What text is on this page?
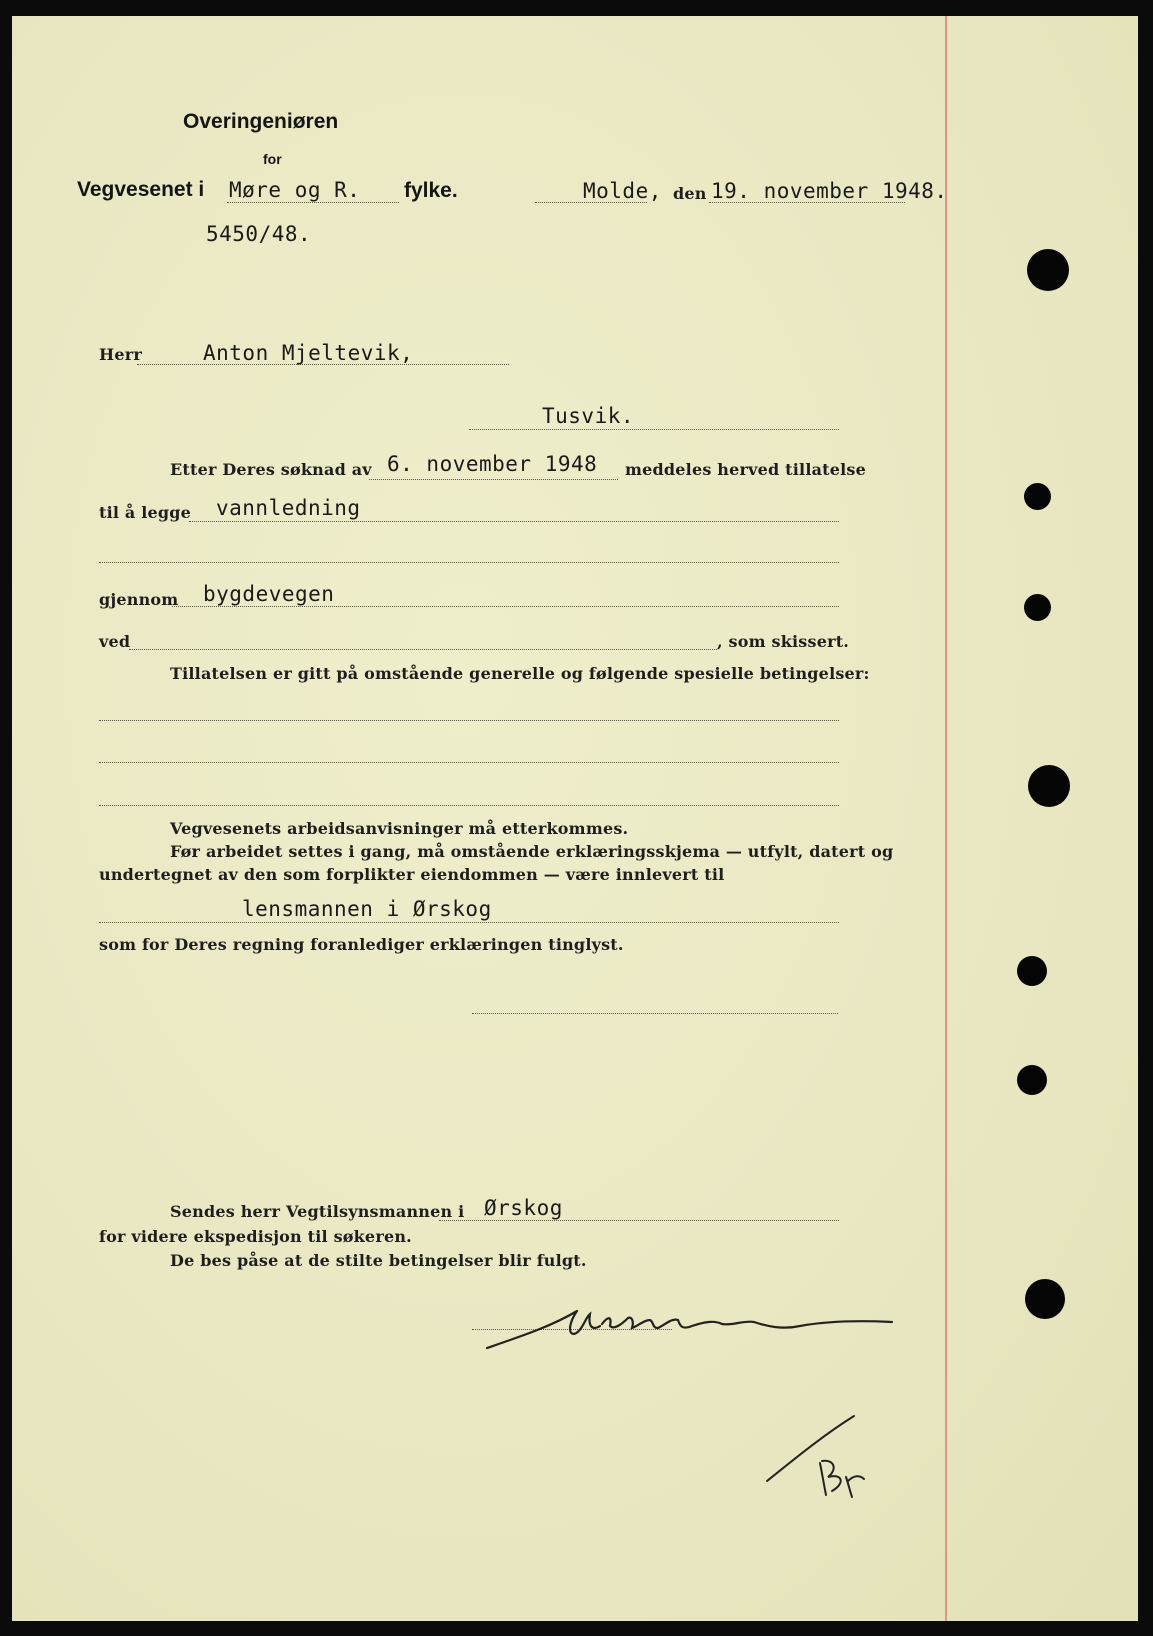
Overingeniøren
for
Vegvesenet i Møre og R. fylke.	Molde, den 19. november 1948.
5450/48.
Herr	Anton Mjeltevik,
Tusvik.
Etter Deres søknad av 6. november 1948 meddeles herved tillatelse
til å legge vannledning
gjennom bygdevegen
ved	, som skissert.
Tillatelsen er gitt på omstående generelle og følgende spesielle betingelser:
Vegvesenets arbeidsanvisninger må etterkommes.
Før arbeidet settes i gang, må omstående erklæringsskjema — utfylt, datert og
undertegnet av den som forplikter eiendommen — være innlevert til
lensmannen i Ørskog
som for Deres regning foranlediger erklæringen tinglyst.
Sendes herr Vegtilsynsmannen i Ørskog
for videre ekspedisjon til søkeren.
De bes påse at de stilte betingelser blir fulgt.
